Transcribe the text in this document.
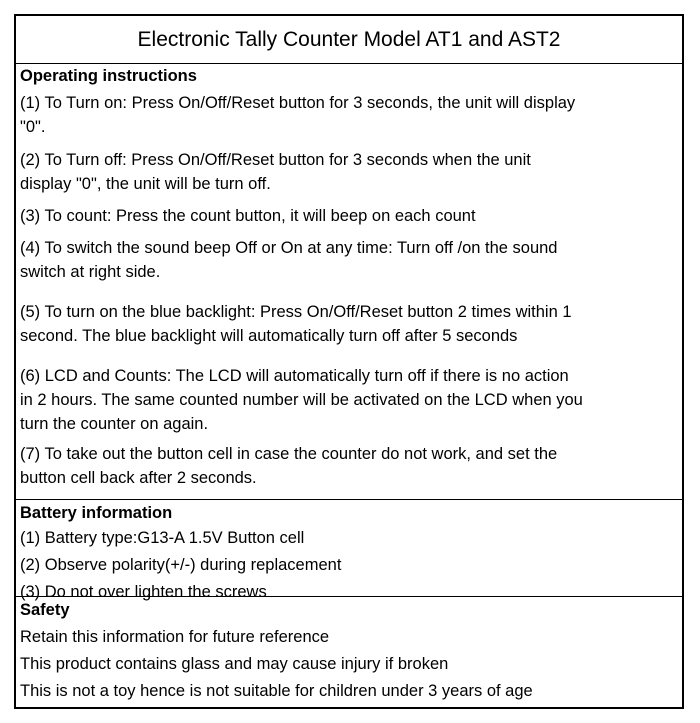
Electronic Tally Counter Model AT1 and AST2
Operating instructions
(1) To Turn on: Press On/Off/Reset button for 3 seconds, the unit will display
"0".
(2) To Turn off: Press On/Off/Reset button for 3 seconds when the unit
display "0", the unit will be turn off.
(3) To count: Press the count button, it will beep on each count
(4) To switch the sound beep Off or On at any time: Turn off /on the sound
switch at right side.
(5) To turn on the blue backlight: Press On/Off/Reset button 2 times within 1
second. The blue backlight will automatically turn off after 5 seconds
(6) LCD and Counts: The LCD will automatically turn off if there is no action
in 2 hours. The same counted number will be activated on the LCD when you
turn the counter on again.
(7) To take out the button cell in case the counter do not work, and set the
button cell back after 2 seconds.
Battery information
(1) Battery type:G13-A 1.5V Button cell
(2) Observe polarity(+/-) during replacement
(3) Do not over lighten the screws
Safety
Retain this information for future reference
This product contains glass and may cause injury if broken
This is not a toy hence is not suitable for children under 3 years of age
